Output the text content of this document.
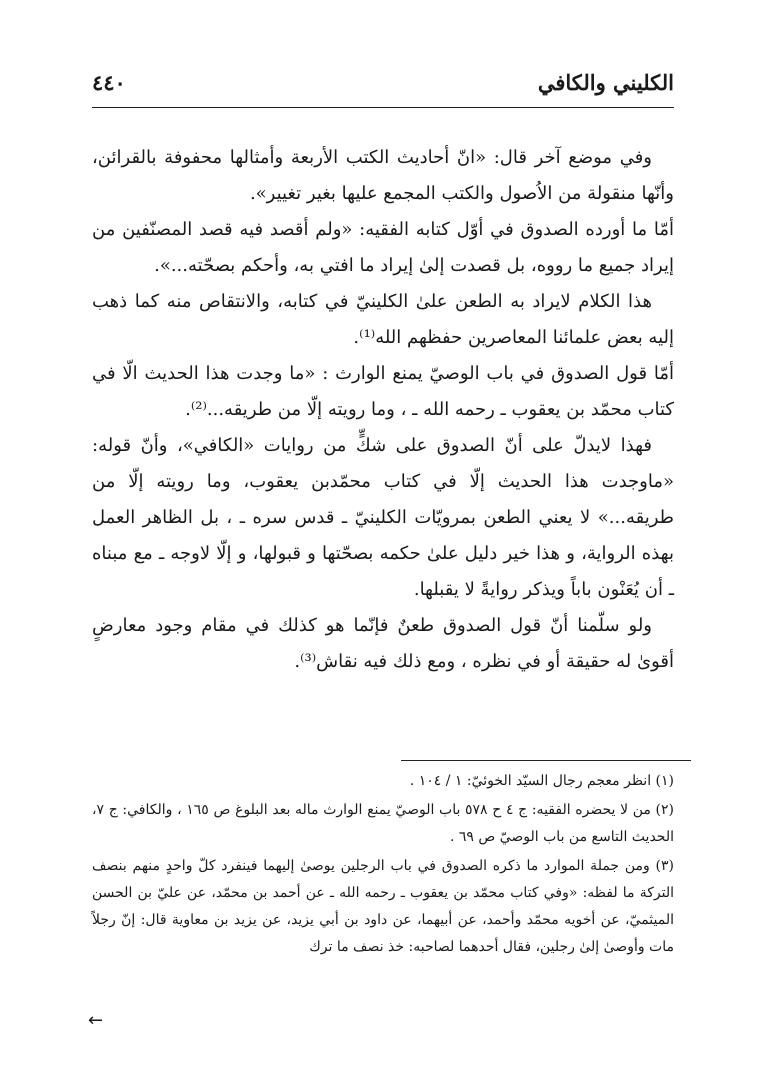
الكليني والكافي
٤٤٠

وفي موضع آخر قال: «انّ أحاديث الكتب الأربعة وأمثالها محفوفة بالقرائن، وأنّها منقولة من الاُصول والكتب المجمع عليها بغير تغيير».

أمّا ما أورده الصدوق في أوّل كتابه الفقيه: «ولم أقصد فيه قصد المصنّفين من إيراد جميع ما رووه، بل قصدت إلىٰ إيراد ما افتي به، وأحكم بصحّته...».

هذا الكلام لايراد به الطعن علىٰ الكلينيّ في كتابه، والانتقاص منه كما ذهب إليه بعض علمائنا المعاصرين حفظهم الله⁽¹⁾.

أمّا قول الصدوق في باب الوصيّ يمنع الوارث : «ما وجدت هذا الحديث الّا في كتاب محمّد بن يعقوب ـ رحمه الله ـ ، وما رويته إلّا من طريقه...⁽²⁾.

فهذا لايدلّ على أنّ الصدوق على شكٍّ من روايات «الكافي»، وأنّ قوله: «ماوجدت هذا الحديث إلّا في كتاب محمّدبن يعقوب، وما رويته إلّا من طريقه...» لا يعني الطعن بمرويّات الكلينيّ ـ قدس سره ـ ، بل الظاهر العمل بهذه الرواية، و هذا خير دليل علىٰ حكمه بصحّتها و قبولها، و إلّا لاوجه ـ مع مبناه ـ أن يُعَنْون باباً ويذكر روايةً لا يقبلها.

ولو سلّمنا أنّ قول الصدوق طعنٌ فإنّما هو كذلك في مقام وجود معارضٍ أقوىٰ له حقيقة أو في نظره ، ومع ذلك فيه نقاش⁽³⁾.

(١) انظر معجم رجال السيّد الخوئيّ: ١ / ١٠٤ .

(٢) من لا يحضره الفقيه: ج ٤ ح ٥٧٨ باب الوصيّ يمنع الوارث ماله بعد البلوغ ص ١٦٥ ، والكافي: ج ٧، الحديث التاسع من باب الوصيّ ص ٦٩ .

(٣) ومن جملة الموارد ما ذكره الصدوق في باب الرجلين يوصىٰ إليهما فينفرد كلّ واحدٍ منهم بنصف التركة ما لفظه: «وفي كتاب محمّد بن يعقوب ـ رحمه الله ـ عن أحمد بن محمّد، عن عليّ بن الحسن الميثميّ، عن أخويه محمّد وأحمد، عن أبيهما، عن داود بن أبي يزيد، عن يزيد بن معاوية قال: إنّ رجلاً مات وأوصىٰ إلىٰ رجلين، فقال أحدهما لصاحبه: خذ نصف ما ترك

←
